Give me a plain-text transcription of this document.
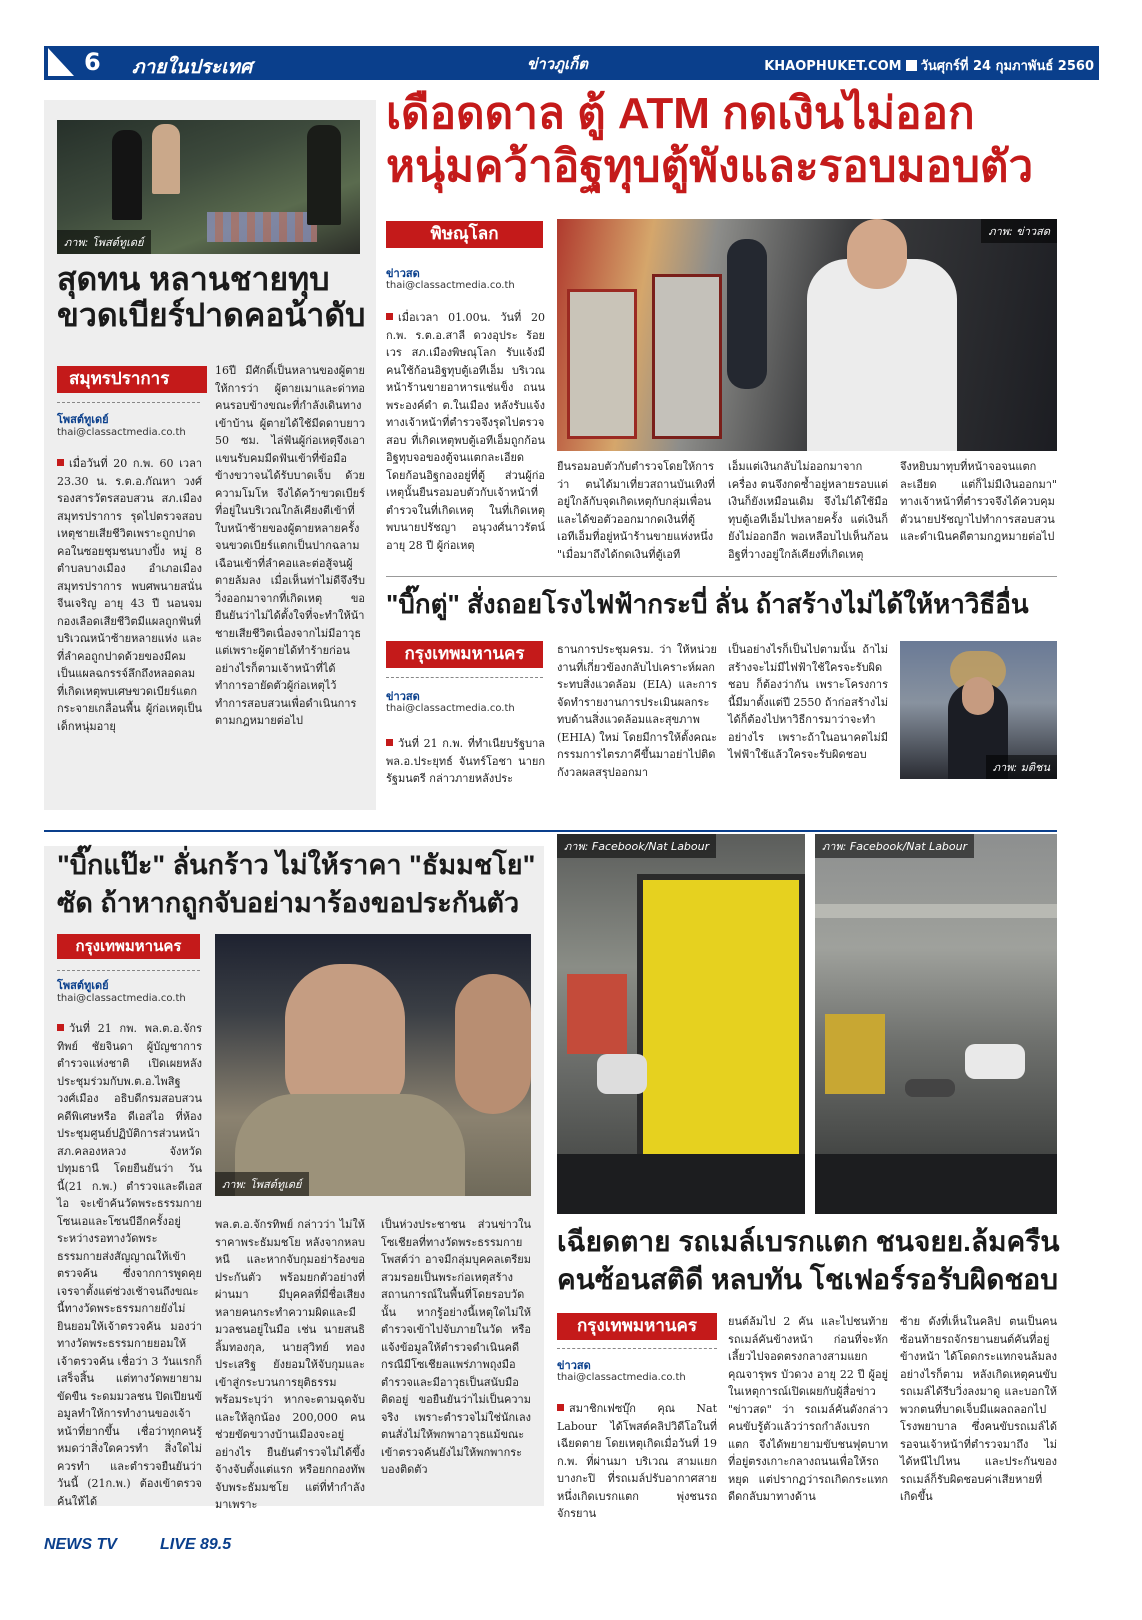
6 ภายในประเทศ	ข่าวภูเก็ต	KHAOPHUKET.COM วันศุกร์ที่ 24 กุมภาพันธ์ 2560
ภาพ: โพสต์ทูเดย์
สุดทน หลานชายทุบขวดเบียร์ปาดคอน้าดับ
สมุทรปราการ
โพสต์ทูเดย์
thai@classactmedia.co.th
เมื่อวันที่ 20 ก.พ. 60 เวลา 23.30 น. ร.ต.อ.กัณหา วงศ์ รองสารวัตรสอบสวน สภ.เมืองสมุทรปราการ รุดไปตรวจสอบเหตุชายเสียชีวิตเพราะถูกปาดคอในซอยชุมชนบางปิ้ง หมู่ 8 ตำบลบางเมือง อำเภอเมืองสมุทรปราการ พบศพนายสนั่น จีนเจริญ อายุ 43 ปี นอนจมกองเลือดเสียชีวิตมีแผลถูกฟันที่บริเวณหน้าซ้ายหลายแห่ง และที่ลำคอถูกปาดด้วยของมีคมเป็นแผลฉกรรจ์ลึกถึงหลอดลม ที่เกิดเหตุพบเศษขวดเบียร์แตกกระจายเกลื่อนพื้น ผู้ก่อเหตุเป็นเด็กหนุ่มอายุ
16ปี มีศักดิ์เป็นหลานของผู้ตาย ให้การว่า ผู้ตายเมาและด่าทอคนรอบข้างขณะที่กำลังเดินทางเข้าบ้าน ผู้ตายได้ใช้มีดดาบยาว 50 ซม. ไล่ฟันผู้ก่อเหตุจึงเอาแขนรับคมมีดฟันเข้าที่ข้อมือข้างขวาจนได้รับบาดเจ็บ ด้วยความโมโห จึงได้คว้าขวดเบียร์ที่อยู่ในบริเวณใกล้เคียงตีเข้าที่ใบหน้าซ้ายของผู้ตายหลายครั้งจนขวดเบียร์แตกเป็นปากฉลาม เฉือนเข้าที่ลำคอและต่อสู้จนผู้ตายล้มลง เมื่อเห็นท่าไม่ดีจึงรีบวิ่งออกมาจากที่เกิดเหตุ ขอยืนยันว่าไม่ได้ตั้งใจที่จะทำให้น้าชายเสียชีวิตเนื่องจากไม่มีอาวุธ แต่เพราะผู้ตายได้ทำร้ายก่อน อย่างไรก็ตามเจ้าหน้าที่ได้ทำการอายัดตัวผู้ก่อเหตุไว้ทำการสอบสวนเพื่อดำเนินการตามกฎหมายต่อไป
เดือดดาล ตู้ ATM กดเงินไม่ออก
หนุ่มคว้าอิฐทุบตู้พังและรอบมอบตัว
พิษณุโลก
ข่าวสด
thai@classactmedia.co.th
เมื่อเวลา 01.00น. วันที่ 20 ก.พ. ร.ต.อ.สาลี ดวงอุประ ร้อยเวร สภ.เมืองพิษณุโลก รับแจ้งมีคนใช้ก้อนอิฐทุบตู้เอทีเอ็ม บริเวณหน้าร้านขายอาหารแช่แข็ง ถนนพระองค์ดำ ต.ในเมือง หลังรับแจ้งทางเจ้าหน้าที่ตำรวจจึงรุดไปตรวจสอบ ที่เกิดเหตุพบตู้เอทีเอ็มถูกก้อนอิฐทุบจอของตู้จนแตกละเอียด โดยก้อนอิฐกองอยู่ที่ตู้ ส่วนผู้ก่อเหตุนั้นยืนรอมอบตัวกับเจ้าหน้าที่ตำรวจในที่เกิดเหตุ ในที่เกิดเหตุพบนายปรัชญา อนุวงศ์นาวรัตน์ อายุ 28 ปี ผู้ก่อเหตุ
ภาพ: ข่าวสด
ยืนรอมอบตัวกับตำรวจโดยให้การว่า ตนได้มาเที่ยวสถานบันเทิงที่อยู่ใกล้กับจุดเกิดเหตุกับกลุ่มเพื่อน และได้ขอตัวออกมากดเงินที่ตู้เอทีเอ็มที่อยู่หน้าร้านขายแห่งหนึ่ง "เมื่อมาถึงได้กดเงินที่ตู้เอที
เอ็มแต่เงินกลับไม่ออกมาจากเครื่อง ตนจึงกดซ้ำอยู่หลายรอบแต่เงินก็ยังเหมือนเดิม จึงไม่ได้ใช้มือทุบตู้เอทีเอ็มไปหลายครั้ง แต่เงินก็ยังไม่ออกอีก พอเหลือบไปเห็นก้อนอิฐที่วางอยู่ใกล้เคียงที่เกิดเหตุ
จึงหยิบมาทุบที่หน้าจอจนแตกละเอียด แต่ก็ไม่มีเงินออกมา" ทางเจ้าหน้าที่ตำรวจจึงได้ควบคุมตัวนายปรัชญาไปทำการสอบสวน และดำเนินคดีตามกฎหมายต่อไป
"บิ๊กตู่" สั่งถอยโรงไฟฟ้ากระบี่ ลั่น ถ้าสร้างไม่ได้ให้หาวิธีอื่น
กรุงเทพมหานคร
ข่าวสด
thai@classactmedia.co.th
วันที่ 21 ก.พ. ที่ทำเนียบรัฐบาล พล.อ.ประยุทธ์ จันทร์โอชา นายกรัฐมนตรี กล่าวภายหลังประ
ธานการประชุมครม. ว่า ให้หน่วยงานที่เกี่ยวข้องกลับไปเคราะห์ผลกระทบสิ่งแวดล้อม (EIA) และการจัดทำรายงานการประเมินผลกระทบด้านสิ่งแวดล้อมและสุขภาพ (EHIA) ใหม่ โดยมีการให้ตั้งคณะกรรมการไตรภาคีขึ้นมาอย่าไปติดกังวลผลสรุปออกมา
เป็นอย่างไรก็เป็นไปตามนั้น ถ้าไม่สร้างจะไม่มีไฟฟ้าใช้ใครจะรับผิดชอบ ก็ต้องว่ากัน เพราะโครงการนี้มีมาตั้งแต่ปี 2550 ถ้าก่อสร้างไม่ได้ก็ต้องไปหาวิธีการมาว่าจะทำอย่างไร เพราะถ้าในอนาคตไม่มีไฟฟ้าใช้แล้วใครจะรับผิดชอบ
ภาพ: มติชน
"บิ๊กแป๊ะ" ลั่นกร้าว ไม่ให้ราคา "ธัมมชโย"
ซัด ถ้าหากถูกจับอย่ามาร้องขอประกันตัว
กรุงเทพมหานคร
โพสต์ทูเดย์
thai@classactmedia.co.th
วันที่ 21 กพ. พล.ต.อ.จักรทิพย์ ชัยจินดา ผู้บัญชาการตำรวจแห่งชาติ เปิดเผยหลังประชุมร่วมกับพ.ต.อ.ไพสิฐ วงศ์เมือง อธิบดีกรมสอบสวนคดีพิเศษหรือ ดีเอสไอ ที่ห้องประชุมศูนย์ปฏิบัติการส่วนหน้า สภ.คลองหลวง จังหวัดปทุมธานี โดยยืนยันว่า วันนี้(21 ก.พ.) ตำรวจและดีเอสไอ จะเข้าค้นวัดพระธรรมกาย โซนเอและโซนบีอีกครั้งอยู่ระหว่างรอทางวัดพระธรรมกายส่งสัญญาณให้เข้าตรวจค้น ซึ่งจากการพูดคุยเจรจาตั้งแต่ช่วงเช้าจนถึงขณะนี้ทางวัดพระธรรมกายยังไม่ยินยอมให้เจ้าตรวจค้น มองว่าทางวัดพระธรรมกายยอมให้เจ้าตรวจค้น เชื่อว่า 3 วันแรกก็เสร็จสิ้น แต่ทางวัดพยายามขัดขืน ระดมมวลชน ปิดเปียนข้อมูลทำให้การทำงานของเจ้าหน้าที่ยากขึ้น เชื่อว่าทุกคนรู้หมดว่าสิ่งใดควรทำ สิ่งใดไม่ควรทำ และตำรวจยืนยันว่า วันนี้ (21ก.พ.) ต้องเข้าตรวจค้นให้ได้
ภาพ: โพสต์ทูเดย์
พล.ต.อ.จักรทิพย์ กล่าวว่า ไม่ให้ราคาพระธัมมชโย หลังจากหลบหนี และหากจับกุมอย่าร้องขอประกันตัว พร้อมยกตัวอย่างที่ผ่านมา มีบุคคลที่มีชื่อเสียงหลายคนกระทำความผิดและมีมวลชนอยู่ในมือ เช่น นายสนธิ ลิ้มทองกุล, นายสุวิทย์ ทองประเสริฐ ยังยอมให้จับกุมและเข้าสู่กระบวนการยุติธรรม พร้อมระบุว่า หากจะตามฉุดจับและให้ลูกน้อง 200,000 คนช่วยขัดขวางบ้านเมืองจะอยู่อย่างไร ยืนยันตำรวจไม่ได้ขึ้งจ้างจับตั้งแต่แรก หรือยกกองทัพจับพระธัมมชโย แต่ที่ทำกำลังมาเพราะ
เป็นห่วงประชาชน ส่วนข่าวในโซเชียลที่ทางวัดพระธรรมกายโพสต์ว่า อาจมีกลุ่มบุคคลเตรียมสวมรอยเป็นพระก่อเหตุสร้างสถานการณ์ในพื้นที่โดยรอบวัดนั้น หากรู้อย่างนี้เหตุใดไม่ให้ตำรวจเข้าไปจับภายในวัด หรือแจ้งข้อมูลให้ตำรวจดำเนินคดี กรณีมีโซเชียลแพร่ภาพถุงมือตำรวจและมีอาวุธเป็นสนับมือติดอยู่ ขอยืนยันว่าไม่เป็นความจริง เพราะตำรวจไม่ใช่นักเลง ตนสั่งไม่ให้พกพาอาวุธแม้ขณะเข้าตรวจค้นยังไม่ให้พกพากระบองติดตัว
ภาพ: Facebook/Nat Labour	ภาพ: Facebook/Nat Labour
เฉียดตาย รถเมล์เบรกแตก ชนจยย.ล้มครืน
คนซ้อนสติดี หลบทัน โชเฟอร์รอรับผิดชอบ
กรุงเทพมหานคร
ข่าวสด
thai@classactmedia.co.th
สมาชิกเฟซบุ๊ก คุณ Nat Labour ได้โพสต์คลิปวิดีโอในที่เฉียดตาย โดยเหตุเกิดเมื่อวันที่ 19 ก.พ. ที่ผ่านมา บริเวณ สามแยกบางกะปิ ที่รถเมล์ปรับอากาศสายหนึ่งเกิดเบรกแตก พุ่งชนรถจักรยาน
ยนต์ล้มไป 2 คัน และไปชนท้ายรถเมล์คันข้างหน้า ก่อนที่จะหักเลี้ยวไปจอดตรงกลางสามแยก คุณจารุพร บัวดวง อายุ 22 ปี ผู้อยู่ในเหตุการณ์เปิดเผยกับผู้สื่อข่าว "ข่าวสด" ว่า รถเมล์คันดังกล่าว คนขับรู้ตัวแล้วว่ารถกำลังเบรกแตก จึงได้พยายามขับชนฟุตบาทที่อยู่ตรงเกาะกลางถนนเพื่อให้รถหยุด แต่ปรากฏว่ารถเกิดกระแทกดีดกลับมาทางด้าน
ซ้าย ดังที่เห็นในคลิป ตนเป็นคนซ้อนท้ายรถจักรยานยนต์คันที่อยู่ข้างหน้า ได้โดดกระแทกจนล้มลงอย่างไรก็ตาม หลังเกิดเหตุคนขับรถเมล์ได้รีบวิ่งลงมาดู และบอกให้พวกตนที่บาดเจ็บมีแผลถลอกไปโรงพยาบาล ซึ่งคนขับรถเมล์ได้รอจนเจ้าหน้าที่ตำรวจมาถึง ไม่ได้หนีไปไหน และประกันของรถเมล์ก็รับผิดชอบค่าเสียหายที่เกิดขึ้น
NEWS TV	LIVE 89.5
